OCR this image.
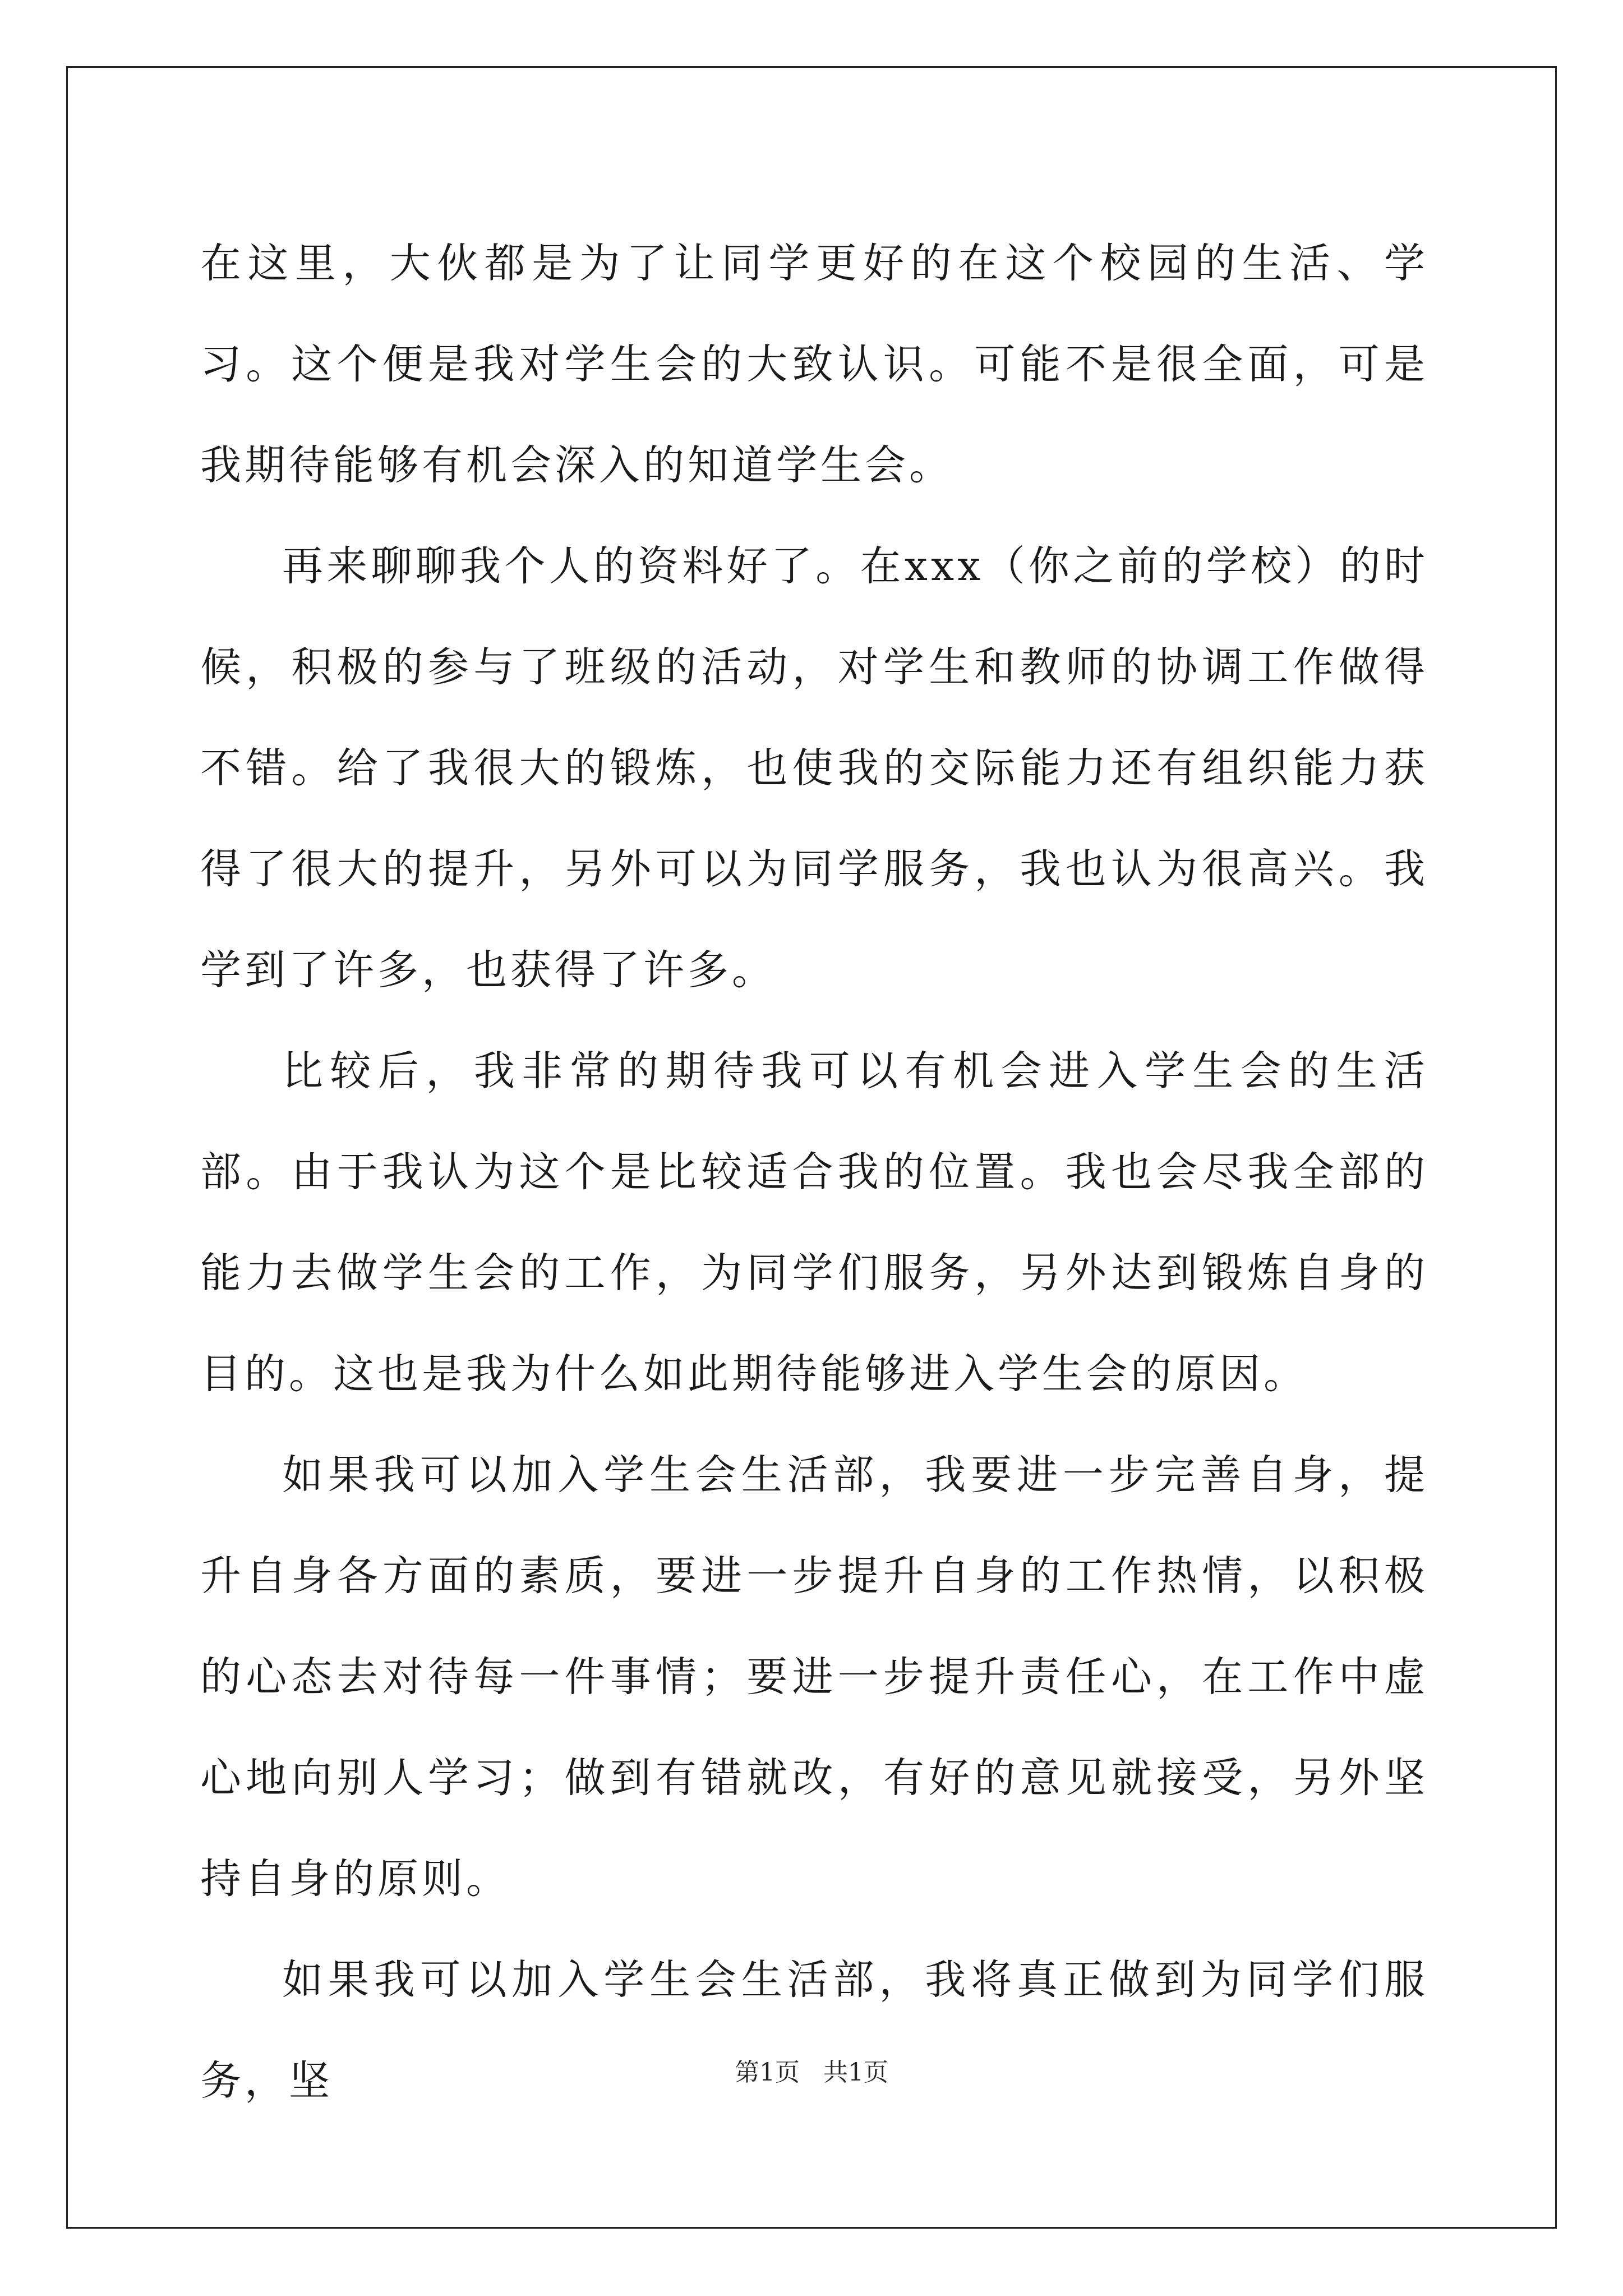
在这里，大伙都是为了让同学更好的在这个校园的生活、学习。这个便是我对学生会的大致认识。可能不是很全面，可是我期待能够有机会深入的知道学生会。

再来聊聊我个人的资料好了。在xxx（你之前的学校）的时候，积极的参与了班级的活动，对学生和教师的协调工作做得不错。给了我很大的锻炼，也使我的交际能力还有组织能力获得了很大的提升，另外可以为同学服务，我也认为很高兴。我学到了许多，也获得了许多。

比较后，我非常的期待我可以有机会进入学生会的生活部。由于我认为这个是比较适合我的位置。我也会尽我全部的能力去做学生会的工作，为同学们服务，另外达到锻炼自身的目的。这也是我为什么如此期待能够进入学生会的原因。

如果我可以加入学生会生活部，我要进一步完善自身，提升自身各方面的素质，要进一步提升自身的工作热情，以积极的心态去对待每一件事情；要进一步提升责任心，在工作中虚心地向别人学习；做到有错就改，有好的意见就接受，另外坚持自身的原则。

如果我可以加入学生会生活部，我将真正做到为同学们服务，坚	第1页   共1页
